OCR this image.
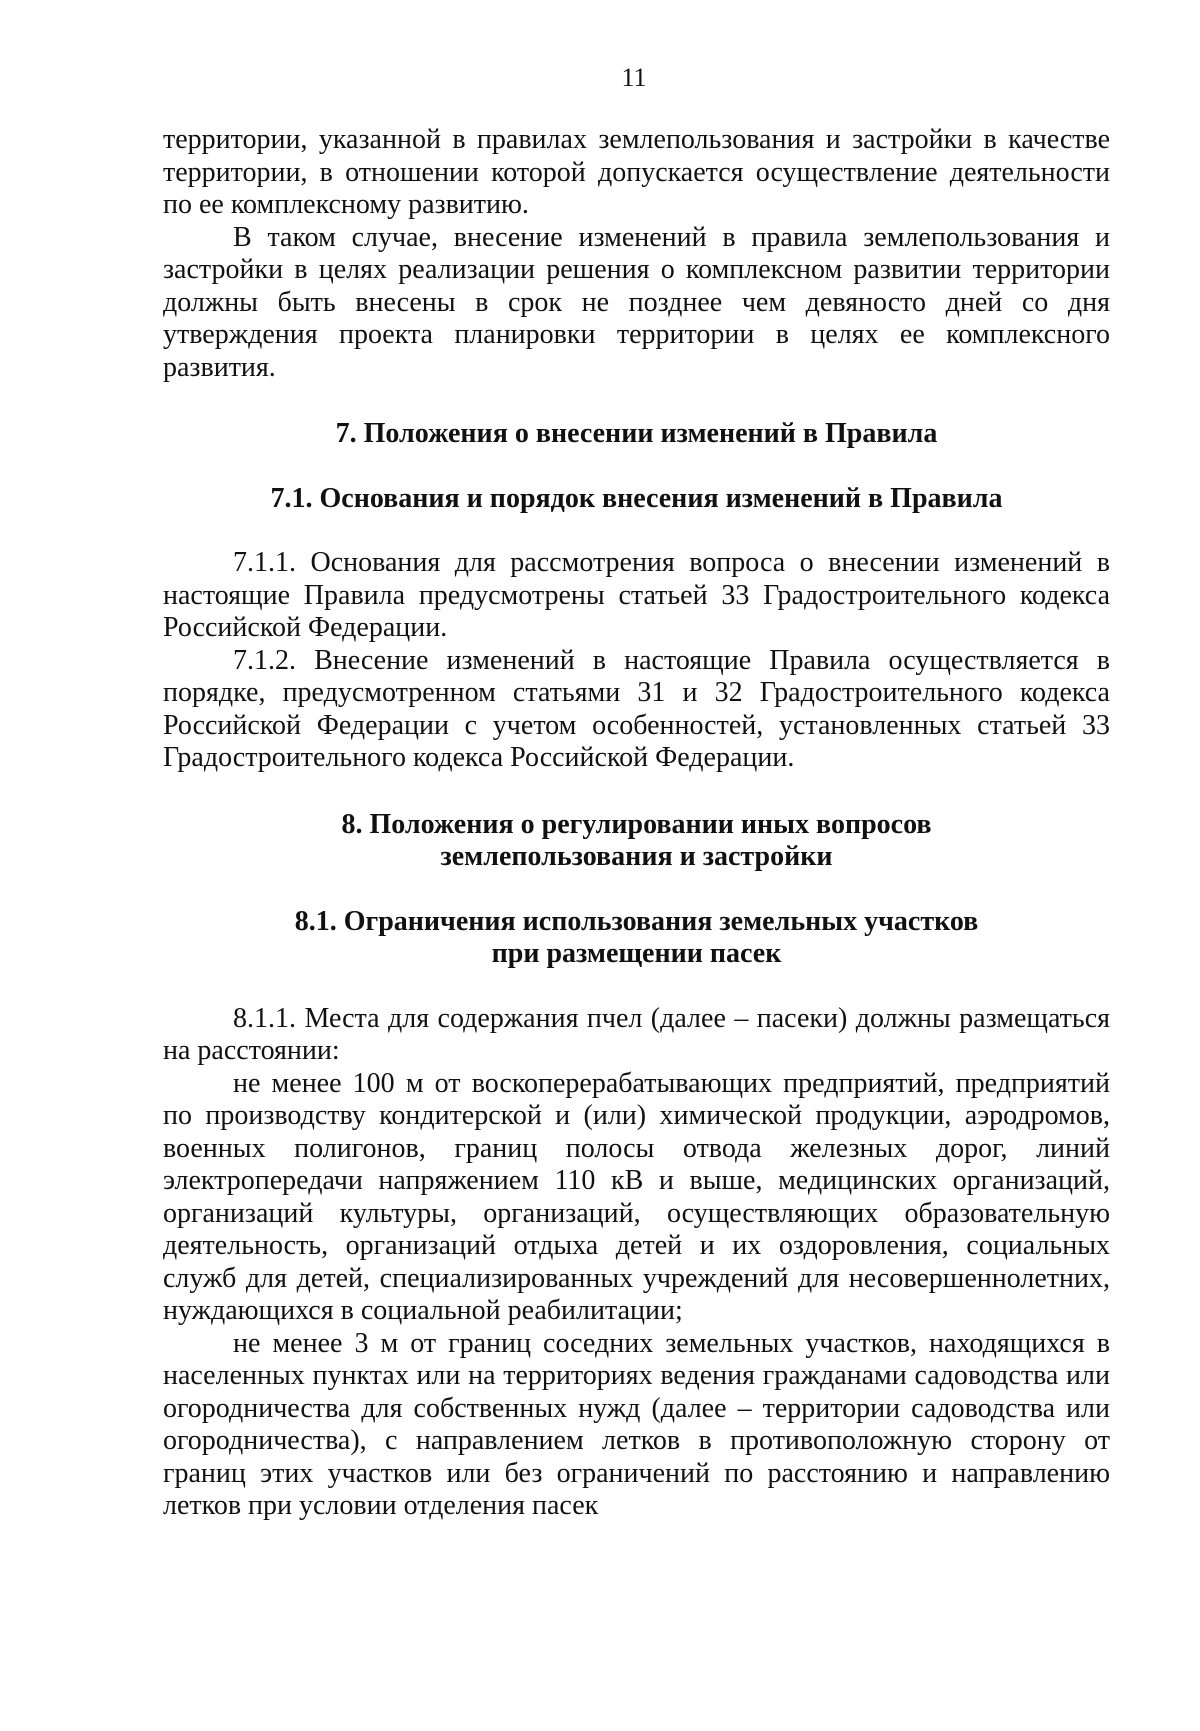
11

территории, указанной в правилах землепользования и застройки в качестве территории, в отношении которой допускается осуществление деятельности по ее комплексному развитию.

В таком случае, внесение изменений в правила землепользования и застройки в целях реализации решения о комплексном развитии территории должны быть внесены в срок не позднее чем девяносто дней со дня утверждения проекта планировки территории в целях ее комплексного развития.

7. Положения о внесении изменений в Правила
7.1. Основания и порядок внесения изменений в Правила

7.1.1. Основания для рассмотрения вопроса о внесении изменений в настоящие Правила предусмотрены статьей 33 Градостроительного кодекса Российской Федерации.

7.1.2. Внесение изменений в настоящие Правила осуществляется в порядке, предусмотренном статьями 31 и 32 Градостроительного кодекса Российской Федерации с учетом особенностей, установленных статьей 33 Градостроительного кодекса Российской Федерации.

8. Положения о регулировании иных вопросов
землепользования и застройки
8.1. Ограничения использования земельных участков
при размещении пасек

8.1.1. Места для содержания пчел (далее – пасеки) должны размещаться на расстоянии:

не менее 100 м от воскоперерабатывающих предприятий, предприятий по производству кондитерской и (или) химической продукции, аэродромов, военных полигонов, границ полосы отвода железных дорог, линий электропередачи напряжением 110 кВ и выше, медицинских организаций, организаций культуры, организаций, осуществляющих образовательную деятельность, организаций отдыха детей и их оздоровления, социальных служб для детей, специализированных учреждений для несовершеннолетних, нуждающихся в социальной реабилитации;

не менее 3 м от границ соседних земельных участков, находящихся в населенных пунктах или на территориях ведения гражданами садоводства или огородничества для собственных нужд (далее – территории садоводства или огородничества), с направлением летков в противоположную сторону от границ этих участков или без ограничений по расстоянию и направлению летков при условии отделения пасек
